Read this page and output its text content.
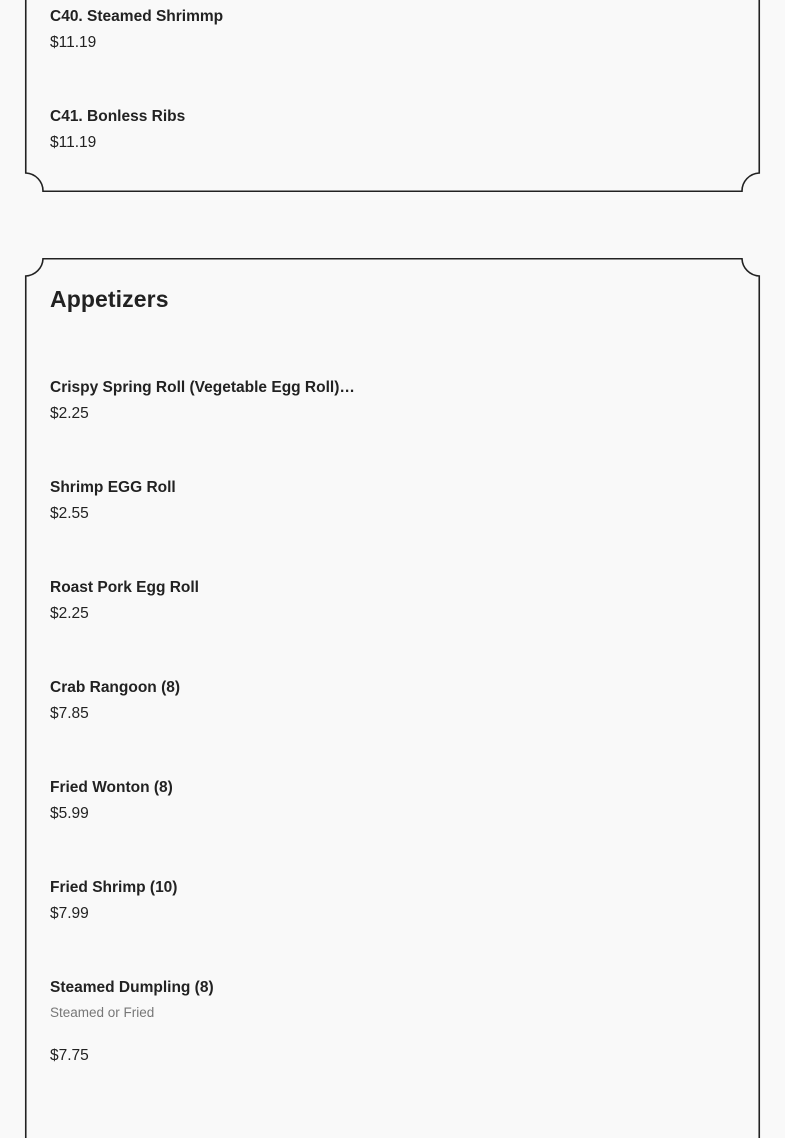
C40. Steamed Shrimmp
$11.19
C41. Bonless Ribs
$11.19
Appetizers
Crispy Spring Roll (Vegetable Egg Roll)…
$2.25
Shrimp EGG Roll
$2.55
Roast Pork Egg Roll
$2.25
Crab Rangoon (8)
$7.85
Fried Wonton (8)
$5.99
Fried Shrimp (10)
$7.99
Steamed Dumpling (8)
Steamed or Fried
$7.75
